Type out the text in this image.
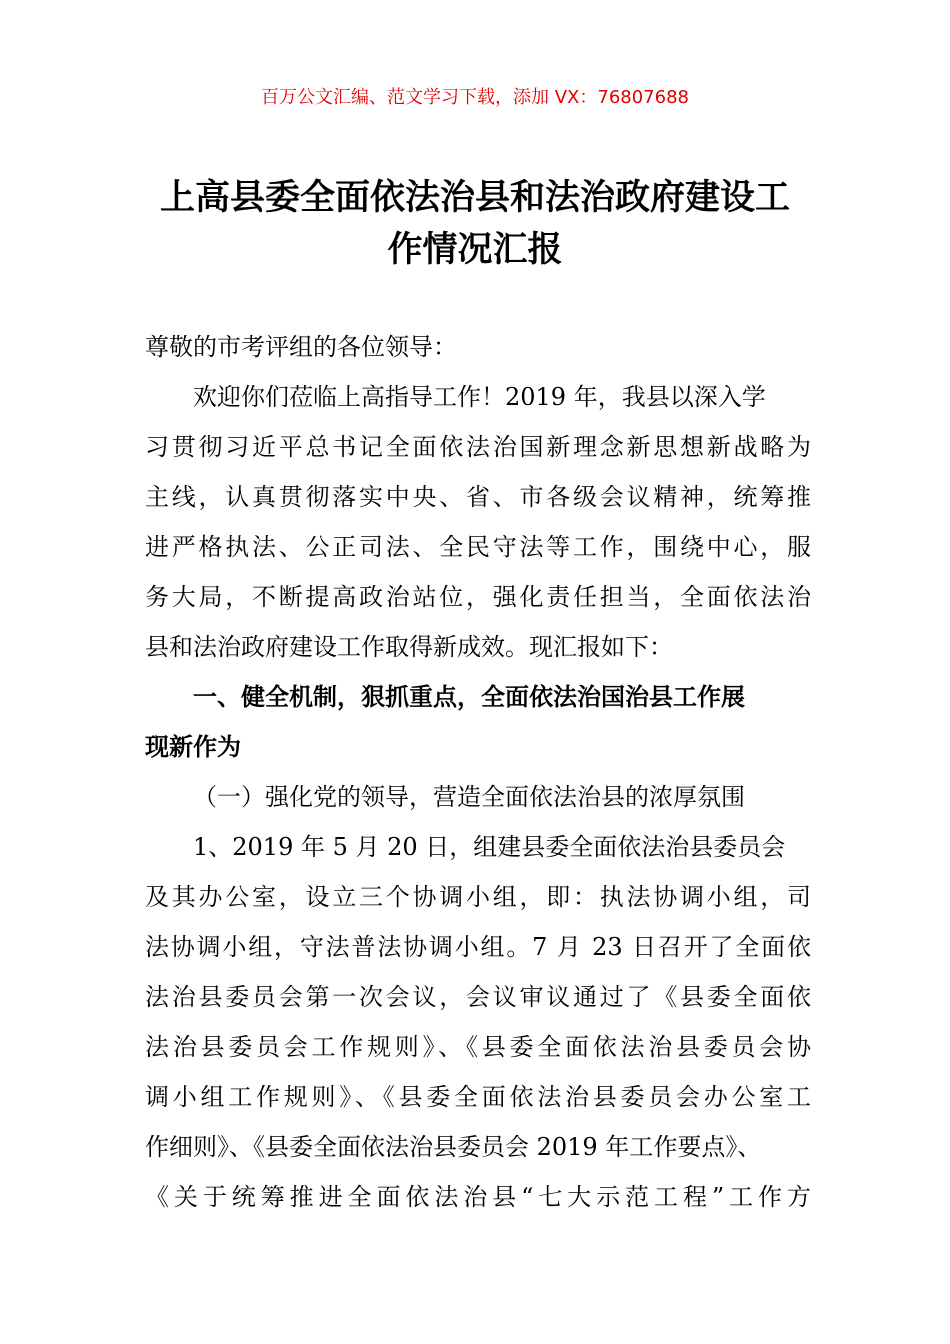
百万公文汇编、范文学习下载，添加 VX：76807688
上高县委全面依法治县和法治政府建设工
作情况汇报

尊敬的市考评组的各位领导：

欢迎你们莅临上高指导工作！2019 年，我县以深入学
习贯彻习近平总书记全面依法治国新理念新思想新战略为
主线，认真贯彻落实中央、省、市各级会议精神，统筹推
进严格执法、公正司法、全民守法等工作，围绕中心，服
务大局，不断提高政治站位，强化责任担当，全面依法治
县和法治政府建设工作取得新成效。现汇报如下：

一、健全机制，狠抓重点，全面依法治国治县工作展
现新作为

（一）强化党的领导，营造全面依法治县的浓厚氛围

1、2019 年 5 月 20 日，组建县委全面依法治县委员会
及其办公室，设立三个协调小组，即：执法协调小组，司
法协调小组，守法普法协调小组。7 月 23 日召开了全面依
法治县委员会第一次会议，会议审议通过了《县委全面依
法治县委员会工作规则》、《县委全面依法治县委员会协
调小组工作规则》、《县委全面依法治县委员会办公室工
作细则》、《县委全面依法治县委员会 2019 年工作要点》、
《关于统筹推进全面依法治县“七大示范工程”工作方
